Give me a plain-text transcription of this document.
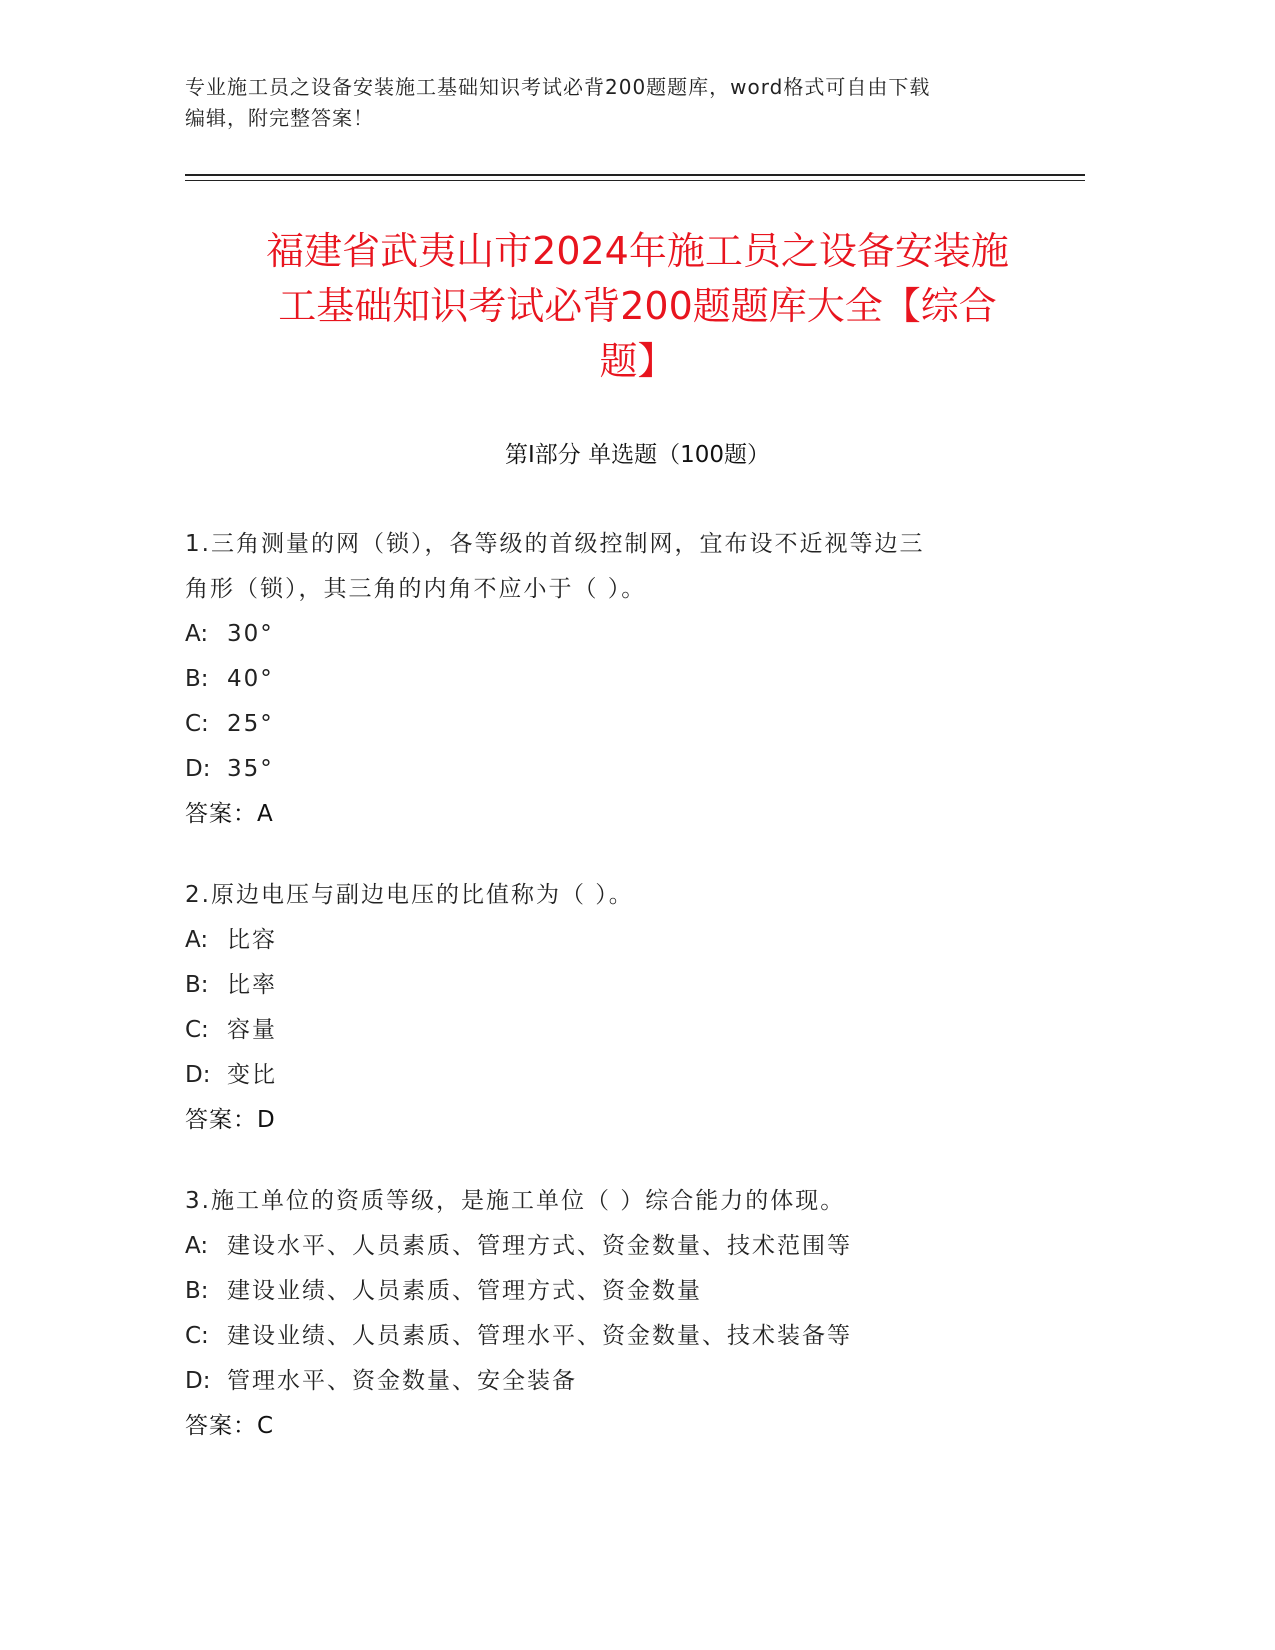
专业施工员之设备安装施工基础知识考试必背200题题库，word格式可自由下载
编辑，附完整答案！
福建省武夷山市2024年施工员之设备安装施
工基础知识考试必背200题题库大全【综合
题】
第I部分 单选题（100题）
1.三角测量的网（锁），各等级的首级控制网，宜布设不近视等边三
角形（锁），其三角的内角不应小于（ ）。
A: 30°
B: 40°
C: 25°
D: 35°
答案：A
2.原边电压与副边电压的比值称为（ ）。
A: 比容
B: 比率
C: 容量
D: 变比
答案：D
3.施工单位的资质等级，是施工单位（ ）综合能力的体现。
A: 建设水平、人员素质、管理方式、资金数量、技术范围等
B: 建设业绩、人员素质、管理方式、资金数量
C: 建设业绩、人员素质、管理水平、资金数量、技术装备等
D: 管理水平、资金数量、安全装备
答案：C
